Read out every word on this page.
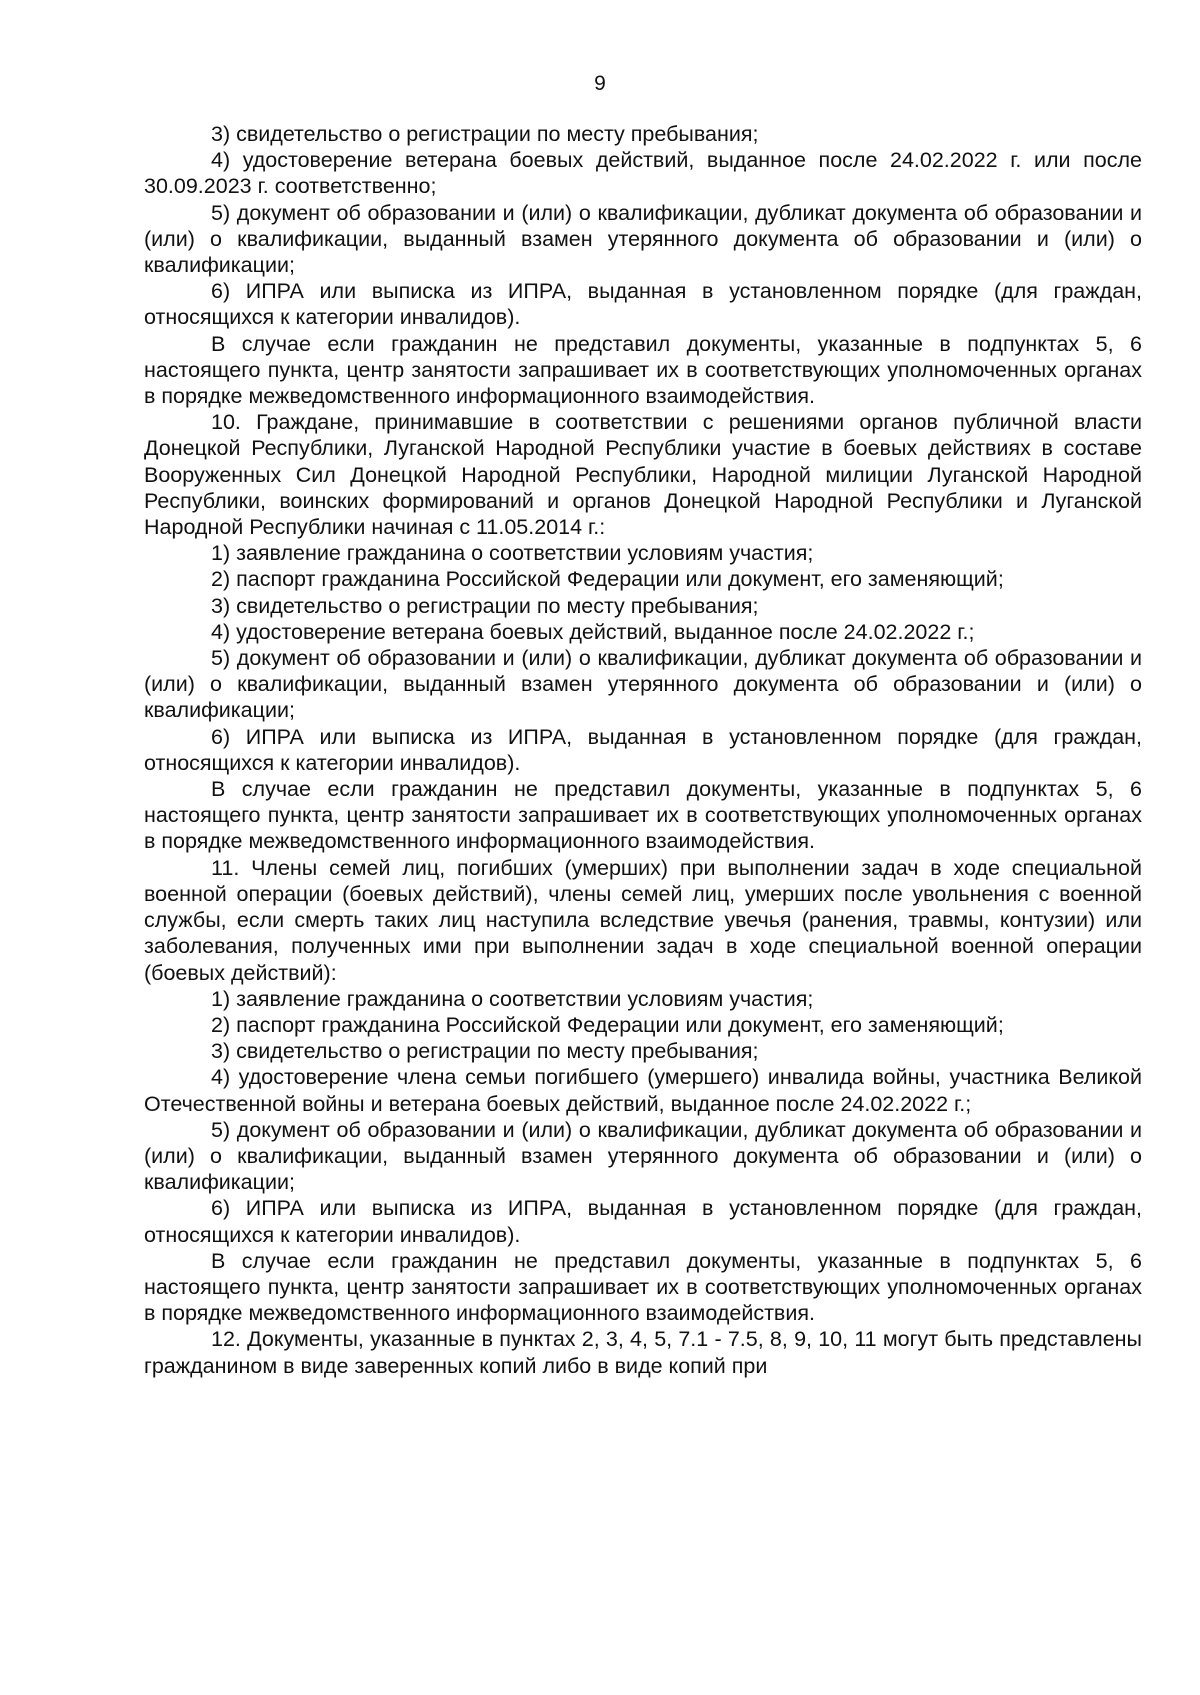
9

3) свидетельство о регистрации по месту пребывания;

4) удостоверение ветерана боевых действий, выданное после 24.02.2022 г. или после 30.09.2023 г. соответственно;

5) документ об образовании и (или) о квалификации, дубликат документа об образовании и (или) о квалификации, выданный взамен утерянного документа об образовании и (или) о квалификации;

6) ИПРА или выписка из ИПРА, выданная в установленном порядке (для граждан, относящихся к категории инвалидов).

В случае если гражданин не представил документы, указанные в подпунктах 5, 6 настоящего пункта, центр занятости запрашивает их в соответствующих уполномоченных органах в порядке межведомственного информационного взаимодействия.

10. Граждане, принимавшие в соответствии с решениями органов публичной власти Донецкой Республики, Луганской Народной Республики участие в боевых действиях в составе Вооруженных Сил Донецкой Народной Республики, Народной милиции Луганской Народной Республики, воинских формирований и органов Донецкой Народной Республики и Луганской Народной Республики начиная с 11.05.2014 г.:

1) заявление гражданина о соответствии условиям участия;

2) паспорт гражданина Российской Федерации или документ, его заменяющий;

3) свидетельство о регистрации по месту пребывания;

4) удостоверение ветерана боевых действий, выданное после 24.02.2022 г.;

5) документ об образовании и (или) о квалификации, дубликат документа об образовании и (или) о квалификации, выданный взамен утерянного документа об образовании и (или) о квалификации;

6) ИПРА или выписка из ИПРА, выданная в установленном порядке (для граждан, относящихся к категории инвалидов).

В случае если гражданин не представил документы, указанные в подпунктах 5, 6 настоящего пункта, центр занятости запрашивает их в соответствующих уполномоченных органах в порядке межведомственного информационного взаимодействия.

11. Члены семей лиц, погибших (умерших) при выполнении задач в ходе специальной военной операции (боевых действий), члены семей лиц, умерших после увольнения с военной службы, если смерть таких лиц наступила вследствие увечья (ранения, травмы, контузии) или заболевания, полученных ими при выполнении задач в ходе специальной военной операции (боевых действий):

1) заявление гражданина о соответствии условиям участия;

2) паспорт гражданина Российской Федерации или документ, его заменяющий;

3) свидетельство о регистрации по месту пребывания;

4) удостоверение члена семьи погибшего (умершего) инвалида войны, участника Великой Отечественной войны и ветерана боевых действий, выданное после 24.02.2022 г.;

5) документ об образовании и (или) о квалификации, дубликат документа об образовании и (или) о квалификации, выданный взамен утерянного документа об образовании и (или) о квалификации;

6) ИПРА или выписка из ИПРА, выданная в установленном порядке (для граждан, относящихся к категории инвалидов).

В случае если гражданин не представил документы, указанные в подпунктах 5, 6 настоящего пункта, центр занятости запрашивает их в соответствующих уполномоченных органах в порядке межведомственного информационного взаимодействия.

12. Документы, указанные в пунктах 2, 3, 4, 5, 7.1 - 7.5, 8, 9, 10, 11 могут быть представлены гражданином в виде заверенных копий либо в виде копий при
